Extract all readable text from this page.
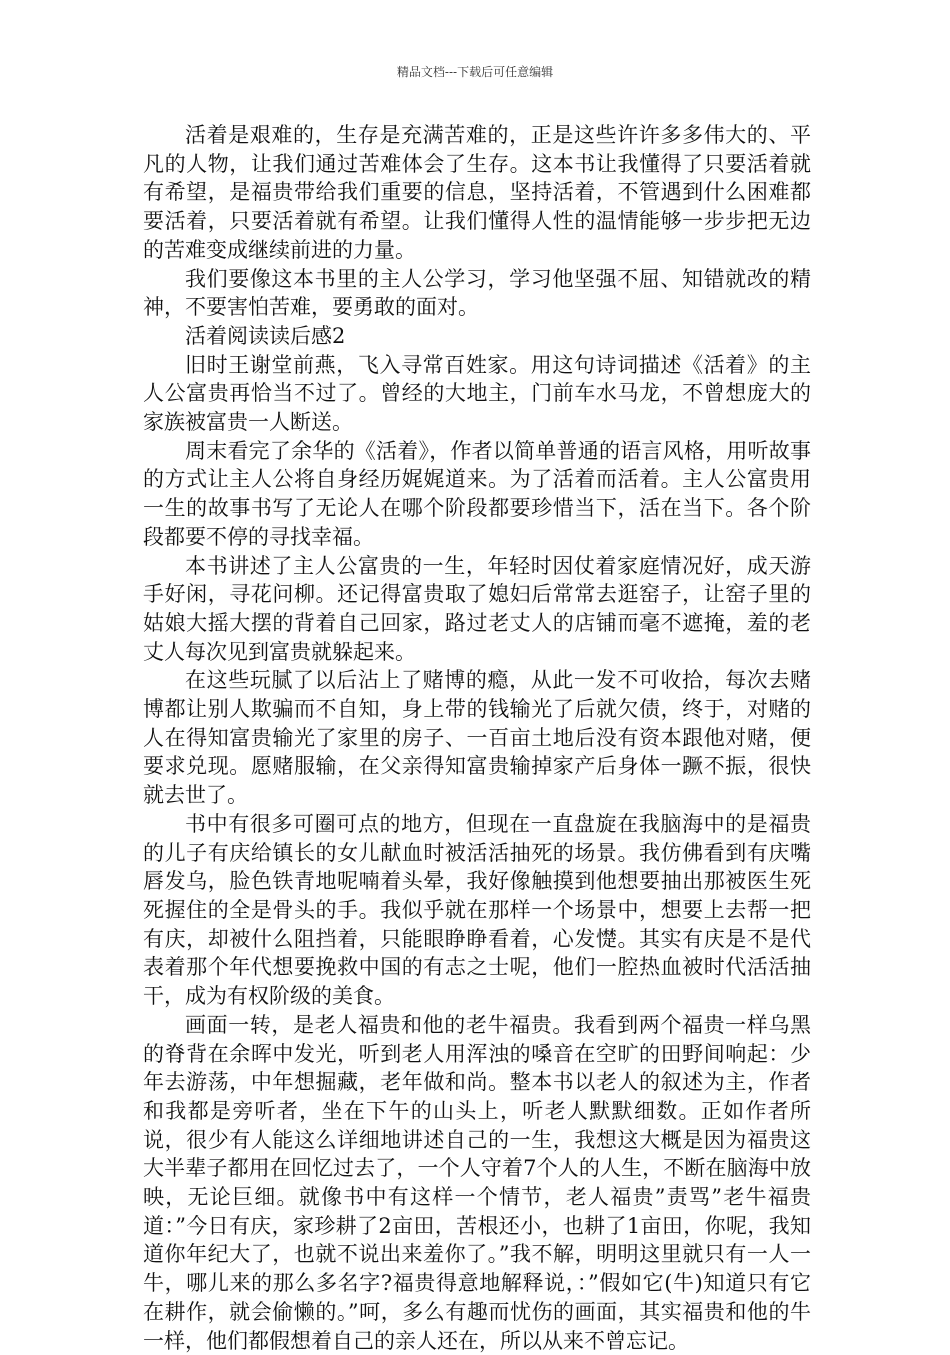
精品文档---下载后可任意编辑

活着是艰难的，生存是充满苦难的，正是这些许许多多伟大的、平凡的人物，让我们通过苦难体会了生存。这本书让我懂得了只要活着就有希望，是福贵带给我们重要的信息，坚持活着，不管遇到什么困难都要活着，只要活着就有希望。让我们懂得人性的温情能够一步步把无边的苦难变成继续前进的力量。

我们要像这本书里的主人公学习，学习他坚强不屈、知错就改的精神，不要害怕苦难，要勇敢的面对。

活着阅读读后感2

旧时王谢堂前燕，飞入寻常百姓家。用这句诗词描述《活着》的主人公富贵再恰当不过了。曾经的大地主，门前车水马龙，不曾想庞大的家族被富贵一人断送。

周末看完了余华的《活着》，作者以简单普通的语言风格，用听故事的方式让主人公将自身经历娓娓道来。为了活着而活着。主人公富贵用一生的故事书写了无论人在哪个阶段都要珍惜当下，活在当下。各个阶段都要不停的寻找幸福。

本书讲述了主人公富贵的一生，年轻时因仗着家庭情况好，成天游手好闲，寻花问柳。还记得富贵取了媳妇后常常去逛窑子，让窑子里的姑娘大摇大摆的背着自己回家，路过老丈人的店铺而毫不遮掩，羞的老丈人每次见到富贵就躲起来。

在这些玩腻了以后沾上了赌博的瘾，从此一发不可收拾，每次去赌博都让别人欺骗而不自知，身上带的钱输光了后就欠债，终于，对赌的人在得知富贵输光了家里的房子、一百亩土地后没有资本跟他对赌，便要求兑现。愿赌服输，在父亲得知富贵输掉家产后身体一蹶不振，很快就去世了。

书中有很多可圈可点的地方，但现在一直盘旋在我脑海中的是福贵的儿子有庆给镇长的女儿献血时被活活抽死的场景。我仿佛看到有庆嘴唇发乌，脸色铁青地呢喃着头晕，我好像触摸到他想要抽出那被医生死死握住的全是骨头的手。我似乎就在那样一个场景中，想要上去帮一把有庆，却被什么阻挡着，只能眼睁睁看着，心发憷。其实有庆是不是代表着那个年代想要挽救中国的有志之士呢，他们一腔热血被时代活活抽干，成为有权阶级的美食。

画面一转，是老人福贵和他的老牛福贵。我看到两个福贵一样乌黑的脊背在余晖中发光，听到老人用浑浊的嗓音在空旷的田野间响起：少年去游荡，中年想掘藏，老年做和尚。整本书以老人的叙述为主，作者和我都是旁听者，坐在下午的山头上，听老人默默细数。正如作者所说，很少有人能这么详细地讲述自己的一生，我想这大概是因为福贵这大半辈子都用在回忆过去了，一个人守着7个人的人生，不断在脑海中放映，无论巨细。就像书中有这样一个情节，老人福贵”责骂”老牛福贵道：”今日有庆，家珍耕了2亩田，苦根还小，也耕了1亩田，你呢，我知道你年纪大了，也就不说出来羞你了。”我不解，明明这里就只有一人一牛，哪儿来的那么多名字?福贵得意地解释说，：”假如它(牛)知道只有它在耕作，就会偷懒的。”呵，多么有趣而忧伤的画面，其实福贵和他的牛一样，他们都假想着自己的亲人还在，所以从来不曾忘记。
